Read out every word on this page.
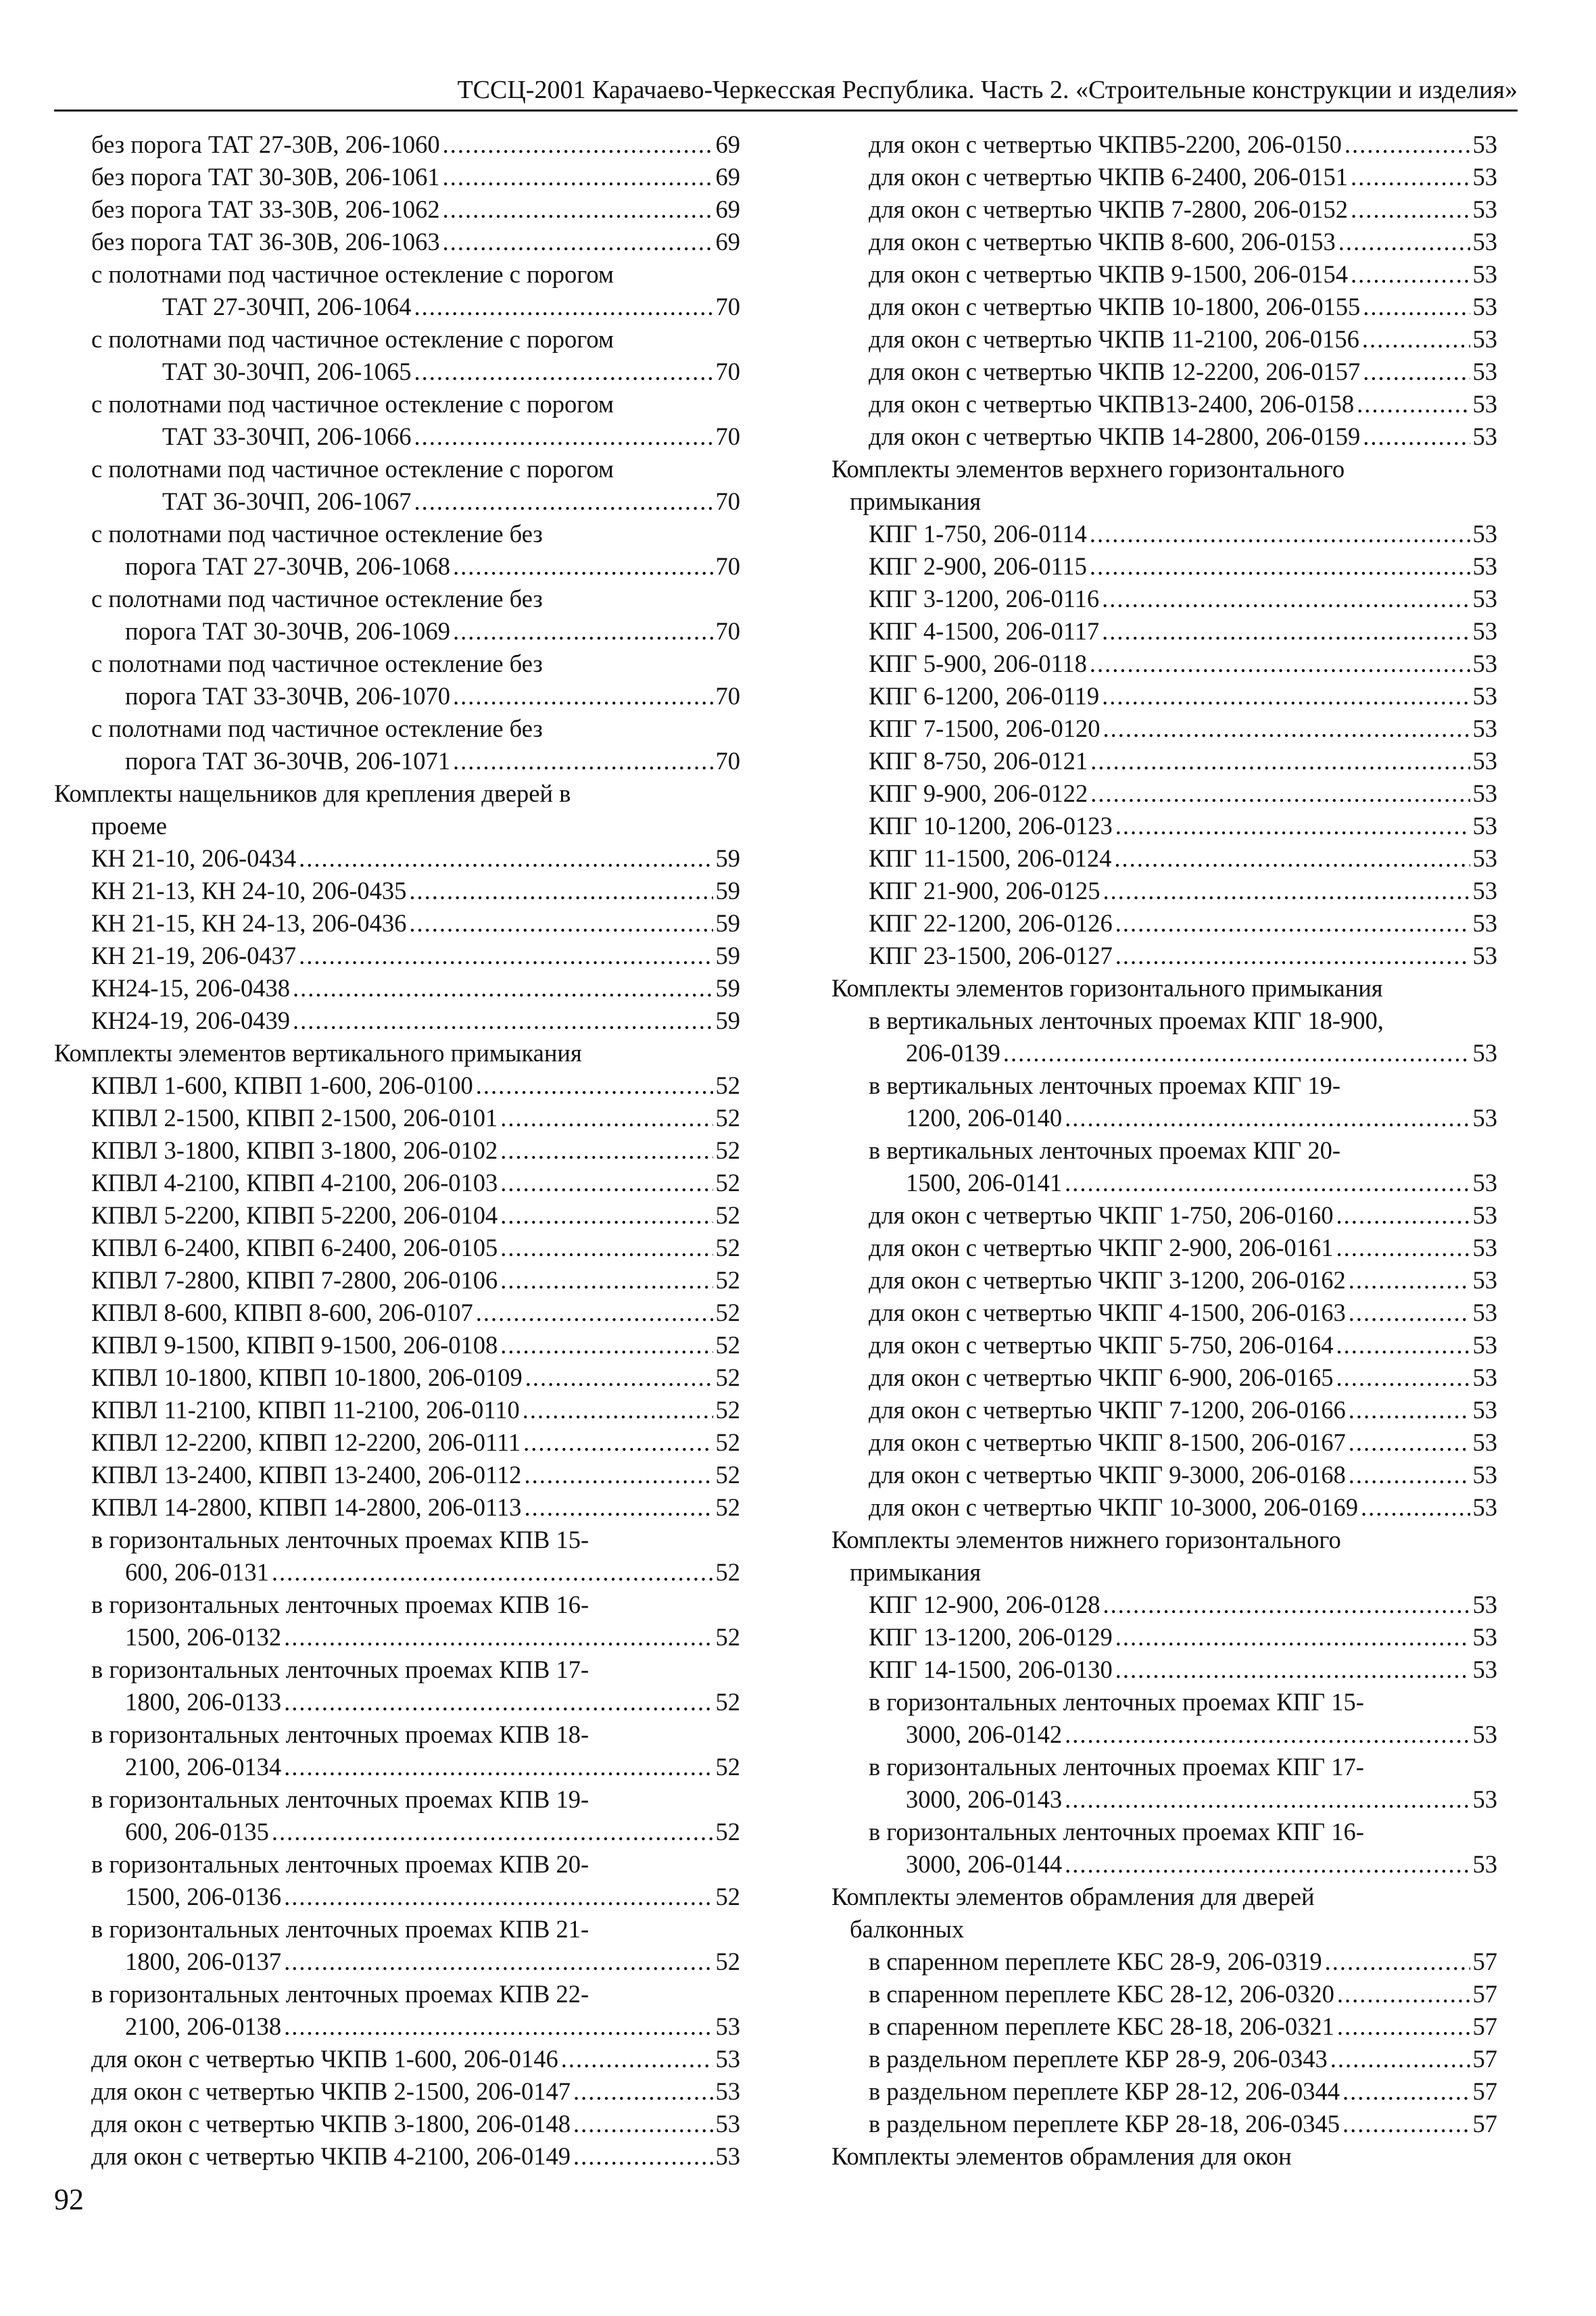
ТССЦ-2001 Карачаево-Черкесская Республика. Часть 2. «Строительные конструкции и изделия»
без порога ТАТ 27-30В, 206-1060 .....	69
без порога ТАТ 30-30В, 206-1061 .....	69
без порога ТАТ 33-30В, 206-1062 .....	69
без порога ТАТ 36-30В, 206-1063 .....	69
с полотнами под частичное остекление с порогом
ТАТ 27-30ЧП, 206-1064 .....	70
с полотнами под частичное остекление с порогом
ТАТ 30-30ЧП, 206-1065 .....	70
с полотнами под частичное остекление с порогом
ТАТ 33-30ЧП, 206-1066 .....	70
с полотнами под частичное остекление с порогом
ТАТ 36-30ЧП, 206-1067 .....	70
с полотнами под частичное остекление без
порога ТАТ 27-30ЧВ, 206-1068 .....	70
с полотнами под частичное остекление без
порога ТАТ 30-30ЧВ, 206-1069 .....	70
с полотнами под частичное остекление без
порога ТАТ 33-30ЧВ, 206-1070 .....	70
с полотнами под частичное остекление без
порога ТАТ 36-30ЧВ, 206-1071 .....	70
Комплекты нащельников для крепления дверей в
проеме
КН 21-10, 206-0434 .....	59
КН 21-13, КН 24-10, 206-0435 .....	59
КН 21-15, КН 24-13, 206-0436 .....	59
КН 21-19, 206-0437 .....	59
КН24-15, 206-0438 .....	59
КН24-19, 206-0439 .....	59
Комплекты элементов вертикального примыкания
КПВЛ 1-600, КПВП 1-600, 206-0100 .....	52
КПВЛ 2-1500, КПВП 2-1500, 206-0101 .....	52
КПВЛ 3-1800, КПВП 3-1800, 206-0102 .....	52
КПВЛ 4-2100, КПВП 4-2100, 206-0103 .....	52
КПВЛ 5-2200, КПВП 5-2200, 206-0104 .....	52
КПВЛ 6-2400, КПВП 6-2400, 206-0105 .....	52
КПВЛ 7-2800, КПВП 7-2800, 206-0106 .....	52
КПВЛ 8-600, КПВП 8-600, 206-0107 .....	52
КПВЛ 9-1500, КПВП 9-1500, 206-0108 .....	52
КПВЛ 10-1800, КПВП 10-1800, 206-0109 .....	52
КПВЛ 11-2100, КПВП 11-2100, 206-0110 .....	52
КПВЛ 12-2200, КПВП 12-2200, 206-0111 .....	52
КПВЛ 13-2400, КПВП 13-2400, 206-0112 .....	52
КПВЛ 14-2800, КПВП 14-2800, 206-0113 .....	52
в горизонтальных ленточных проемах КПВ 15-
600, 206-0131 .....	52
в горизонтальных ленточных проемах КПВ 16-
1500, 206-0132 .....	52
в горизонтальных ленточных проемах КПВ 17-
1800, 206-0133 .....	52
в горизонтальных ленточных проемах КПВ 18-
2100, 206-0134 .....	52
в горизонтальных ленточных проемах КПВ 19-
600, 206-0135 .....	52
в горизонтальных ленточных проемах КПВ 20-
1500, 206-0136 .....	52
в горизонтальных ленточных проемах КПВ 21-
1800, 206-0137 .....	52
в горизонтальных ленточных проемах КПВ 22-
2100, 206-0138 .....	53
для окон с четвертью ЧКПВ 1-600, 206-0146 .....	53
для окон с четвертью ЧКПВ 2-1500, 206-0147 .....	53
для окон с четвертью ЧКПВ 3-1800, 206-0148 .....	53
для окон с четвертью ЧКПВ 4-2100, 206-0149 .....	53
для окон с четвертью ЧКПВ5-2200, 206-0150 .....	53
для окон с четвертью ЧКПВ 6-2400, 206-0151 .....	53
для окон с четвертью ЧКПВ 7-2800, 206-0152 .....	53
для окон с четвертью ЧКПВ 8-600, 206-0153 .....	53
для окон с четвертью ЧКПВ 9-1500, 206-0154 .....	53
для окон с четвертью ЧКПВ 10-1800, 206-0155 .....	53
для окон с четвертью ЧКПВ 11-2100, 206-0156 .....	53
для окон с четвертью ЧКПВ 12-2200, 206-0157 .....	53
для окон с четвертью ЧКПВ13-2400, 206-0158 .....	53
для окон с четвертью ЧКПВ 14-2800, 206-0159 .....	53
Комплекты элементов верхнего горизонтального
примыкания
КПГ 1-750, 206-0114 .....	53
КПГ 2-900, 206-0115 .....	53
КПГ 3-1200, 206-0116 .....	53
КПГ 4-1500, 206-0117 .....	53
КПГ 5-900, 206-0118 .....	53
КПГ 6-1200, 206-0119 .....	53
КПГ 7-1500, 206-0120 .....	53
КПГ 8-750, 206-0121 .....	53
КПГ 9-900, 206-0122 .....	53
КПГ 10-1200, 206-0123 .....	53
КПГ 11-1500, 206-0124 .....	53
КПГ 21-900, 206-0125 .....	53
КПГ 22-1200, 206-0126 .....	53
КПГ 23-1500, 206-0127 .....	53
Комплекты элементов горизонтального примыкания
в вертикальных ленточных проемах КПГ 18-900,
206-0139 .....	53
в вертикальных ленточных проемах КПГ 19-
1200, 206-0140 .....	53
в вертикальных ленточных проемах КПГ 20-
1500, 206-0141 .....	53
для окон с четвертью ЧКПГ 1-750, 206-0160 .....	53
для окон с четвертью ЧКПГ 2-900, 206-0161 .....	53
для окон с четвертью ЧКПГ 3-1200, 206-0162 .....	53
для окон с четвертью ЧКПГ 4-1500, 206-0163 .....	53
для окон с четвертью ЧКПГ 5-750, 206-0164 .....	53
для окон с четвертью ЧКПГ 6-900, 206-0165 .....	53
для окон с четвертью ЧКПГ 7-1200, 206-0166 .....	53
для окон с четвертью ЧКПГ 8-1500, 206-0167 .....	53
для окон с четвертью ЧКПГ 9-3000, 206-0168 .....	53
для окон с четвертью ЧКПГ 10-3000, 206-0169 .....	53
Комплекты элементов нижнего горизонтального
примыкания
КПГ 12-900, 206-0128 .....	53
КПГ 13-1200, 206-0129 .....	53
КПГ 14-1500, 206-0130 .....	53
в горизонтальных ленточных проемах КПГ 15-
3000, 206-0142 .....	53
в горизонтальных ленточных проемах КПГ 17-
3000, 206-0143 .....	53
в горизонтальных ленточных проемах КПГ 16-
3000, 206-0144 .....	53
Комплекты элементов обрамления для дверей
балконных
в спаренном переплете КБС 28-9, 206-0319 .....	57
в спаренном переплете КБС 28-12, 206-0320 .....	57
в спаренном переплете КБС 28-18, 206-0321 .....	57
в раздельном переплете КБР 28-9, 206-0343 .....	57
в раздельном переплете КБР 28-12, 206-0344 .....	57
в раздельном переплете КБР 28-18, 206-0345 .....	57
Комплекты элементов обрамления для окон
92
